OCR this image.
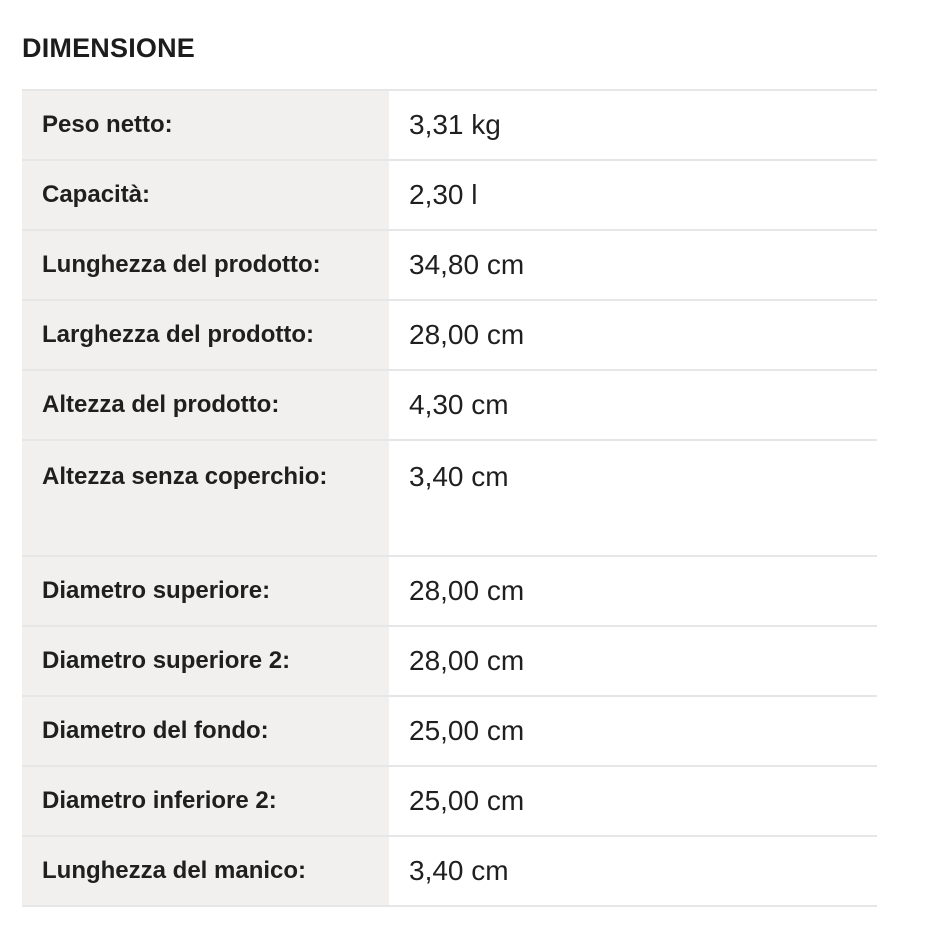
DIMENSIONE
Peso netto:	3,31 kg
Capacità:	2,30 l
Lunghezza del prodotto:	34,80 cm
Larghezza del prodotto:	28,00 cm
Altezza del prodotto:	4,30 cm
Altezza senza coperchio:	3,40 cm
Diametro superiore:	28,00 cm
Diametro superiore 2:	28,00 cm
Diametro del fondo:	25,00 cm
Diametro inferiore 2:	25,00 cm
Lunghezza del manico:	3,40 cm
